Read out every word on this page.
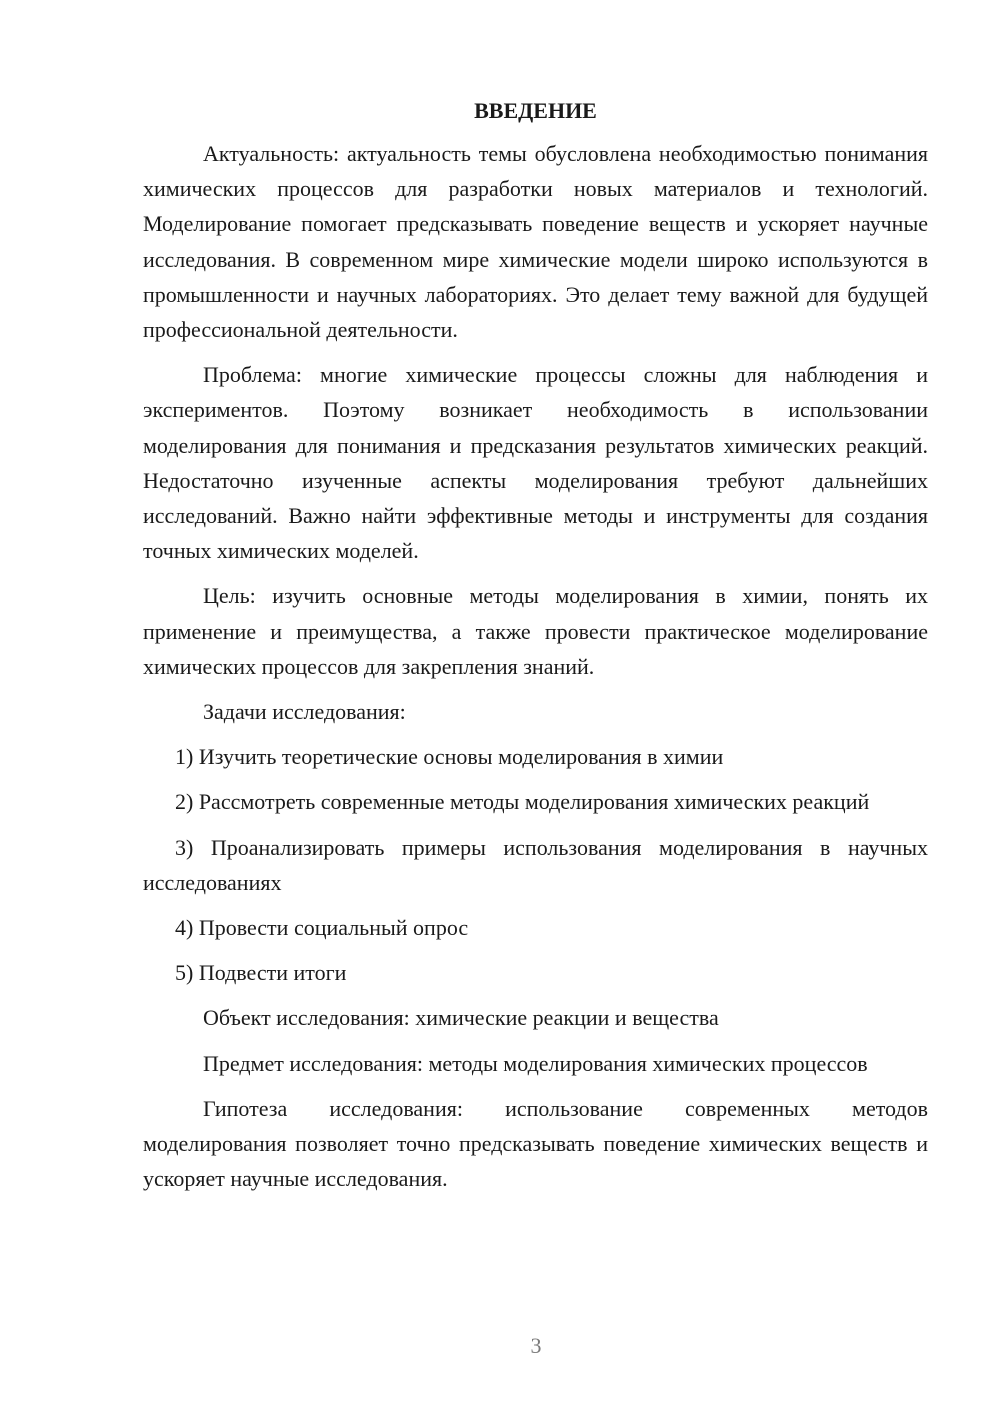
ВВЕДЕНИЕ

Актуальность: актуальность темы обусловлена необходимостью понимания химических процессов для разработки новых материалов и технологий. Моделирование помогает предсказывать поведение веществ и ускоряет научные исследования. В современном мире химические модели широко используются в промышленности и научных лабораториях. Это делает тему важной для будущей профессиональной деятельности.

Проблема: многие химические процессы сложны для наблюдения и экспериментов. Поэтому возникает необходимость в использовании моделирования для понимания и предсказания результатов химических реакций. Недостаточно изученные аспекты моделирования требуют дальнейших исследований. Важно найти эффективные методы и инструменты для создания точных химических моделей.

Цель: изучить основные методы моделирования в химии, понять их применение и преимущества, а также провести практическое моделирование химических процессов для закрепления знаний.

Задачи исследования:

1) Изучить теоретические основы моделирования в химии

2) Рассмотреть современные методы моделирования химических реакций

3) Проанализировать примеры использования моделирования в научных исследованиях

4) Провести социальный опрос

5) Подвести итоги

Объект исследования: химические реакции и вещества

Предмет исследования: методы моделирования химических процессов

Гипотеза исследования: использование современных методов моделирования позволяет точно предсказывать поведение химических веществ и ускоряет научные исследования.

3
